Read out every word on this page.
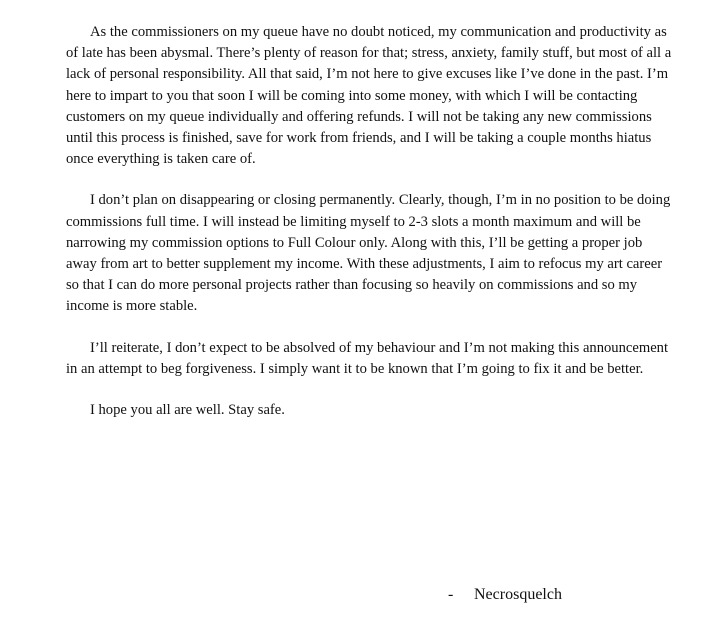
As the commissioners on my queue have no doubt noticed, my communication and productivity as of late has been abysmal. There’s plenty of reason for that; stress, anxiety, family stuff, but most of all a lack of personal responsibility. All that said, I’m not here to give excuses like I’ve done in the past. I’m here to impart to you that soon I will be coming into some money, with which I will be contacting customers on my queue individually and offering refunds. I will not be taking any new commissions until this process is finished, save for work from friends, and I will be taking a couple months hiatus once everything is taken care of.

I don’t plan on disappearing or closing permanently. Clearly, though, I’m in no position to be doing commissions full time. I will instead be limiting myself to 2-3 slots a month maximum and will be narrowing my commission options to Full Colour only. Along with this, I’ll be getting a proper job away from art to better supplement my income. With these adjustments, I aim to refocus my art career so that I can do more personal projects rather than focusing so heavily on commissions and so my income is more stable.

I’ll reiterate, I don’t expect to be absolved of my behaviour and I’m not making this announcement in an attempt to beg forgiveness. I simply want it to be known that I’m going to fix it and be better.

I hope you all are well. Stay safe.

- Necrosquelch
